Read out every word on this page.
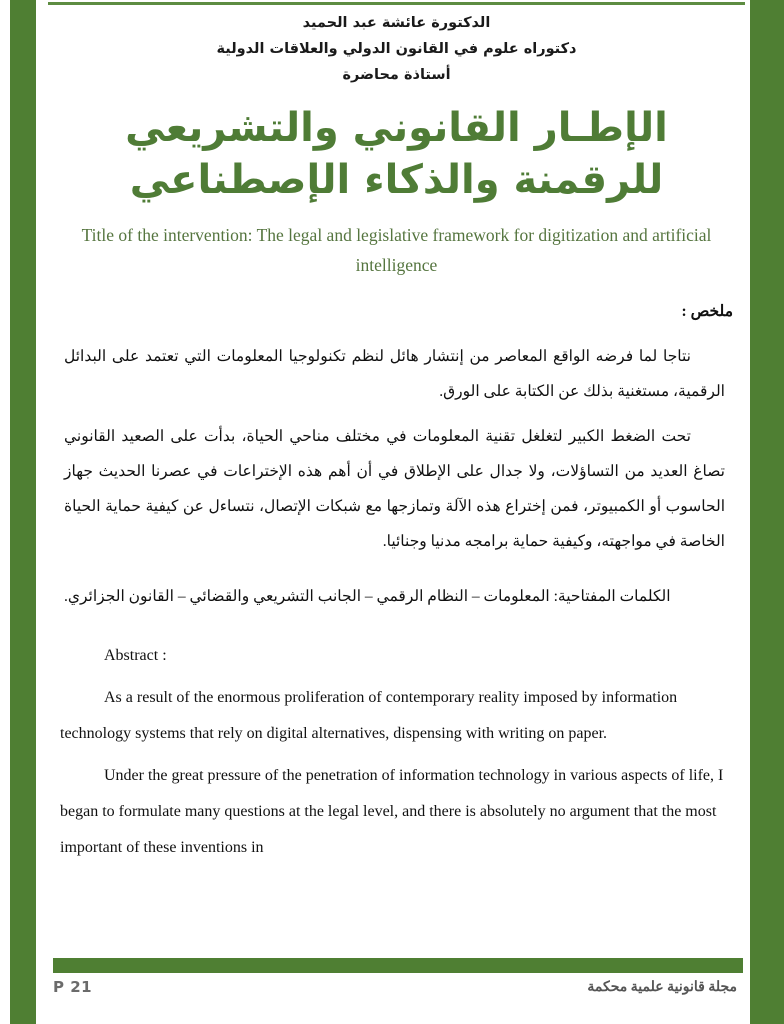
الدكتورة عائشة عبد الحميد
دكتوراه علوم في القانون الدولي والعلاقات الدولية
أستاذة محاضرة
الإطـار القانوني والتشريعي
للرقمنة والذكاء الإصطناعي
Title of the intervention: The legal and legislative framework for digitization and artificial intelligence
ملخص :
نتاجا لما فرضه الواقع المعاصر من إنتشار هائل لنظم تكنولوجيا المعلومات التي تعتمد على البدائل الرقمية، مستغنية بذلك عن الكتابة على الورق.
تحت الضغط الكبير لتغلغل تقنية المعلومات في مختلف مناحي الحياة، بدأت على الصعيد القانوني تصاغ العديد من التساؤلات، ولا جدال على الإطلاق في أن أهم هذه الإختراعات في عصرنا الحديث جهاز الحاسوب أو الكمبيوتر، فمن إختراع هذه الآلة وتمازجها مع شبكات الإتصال، نتساءل عن كيفية حماية الحياة الخاصة في مواجهته، وكيفية حماية برامجه مدنيا وجنائيا.
الكلمات المفتاحية: المعلومات – النظام الرقمي – الجانب التشريعي والقضائي – القانون الجزائري.
Abstract :
As a result of the enormous proliferation of contemporary reality imposed by information technology systems that rely on digital alternatives, dispensing with writing on paper.
Under the great pressure of the penetration of information technology in various aspects of life, I began to formulate many questions at the legal level, and there is absolutely no argument that the most important of these inventions in
P 21	مجلة قانونية علمية محكمة
